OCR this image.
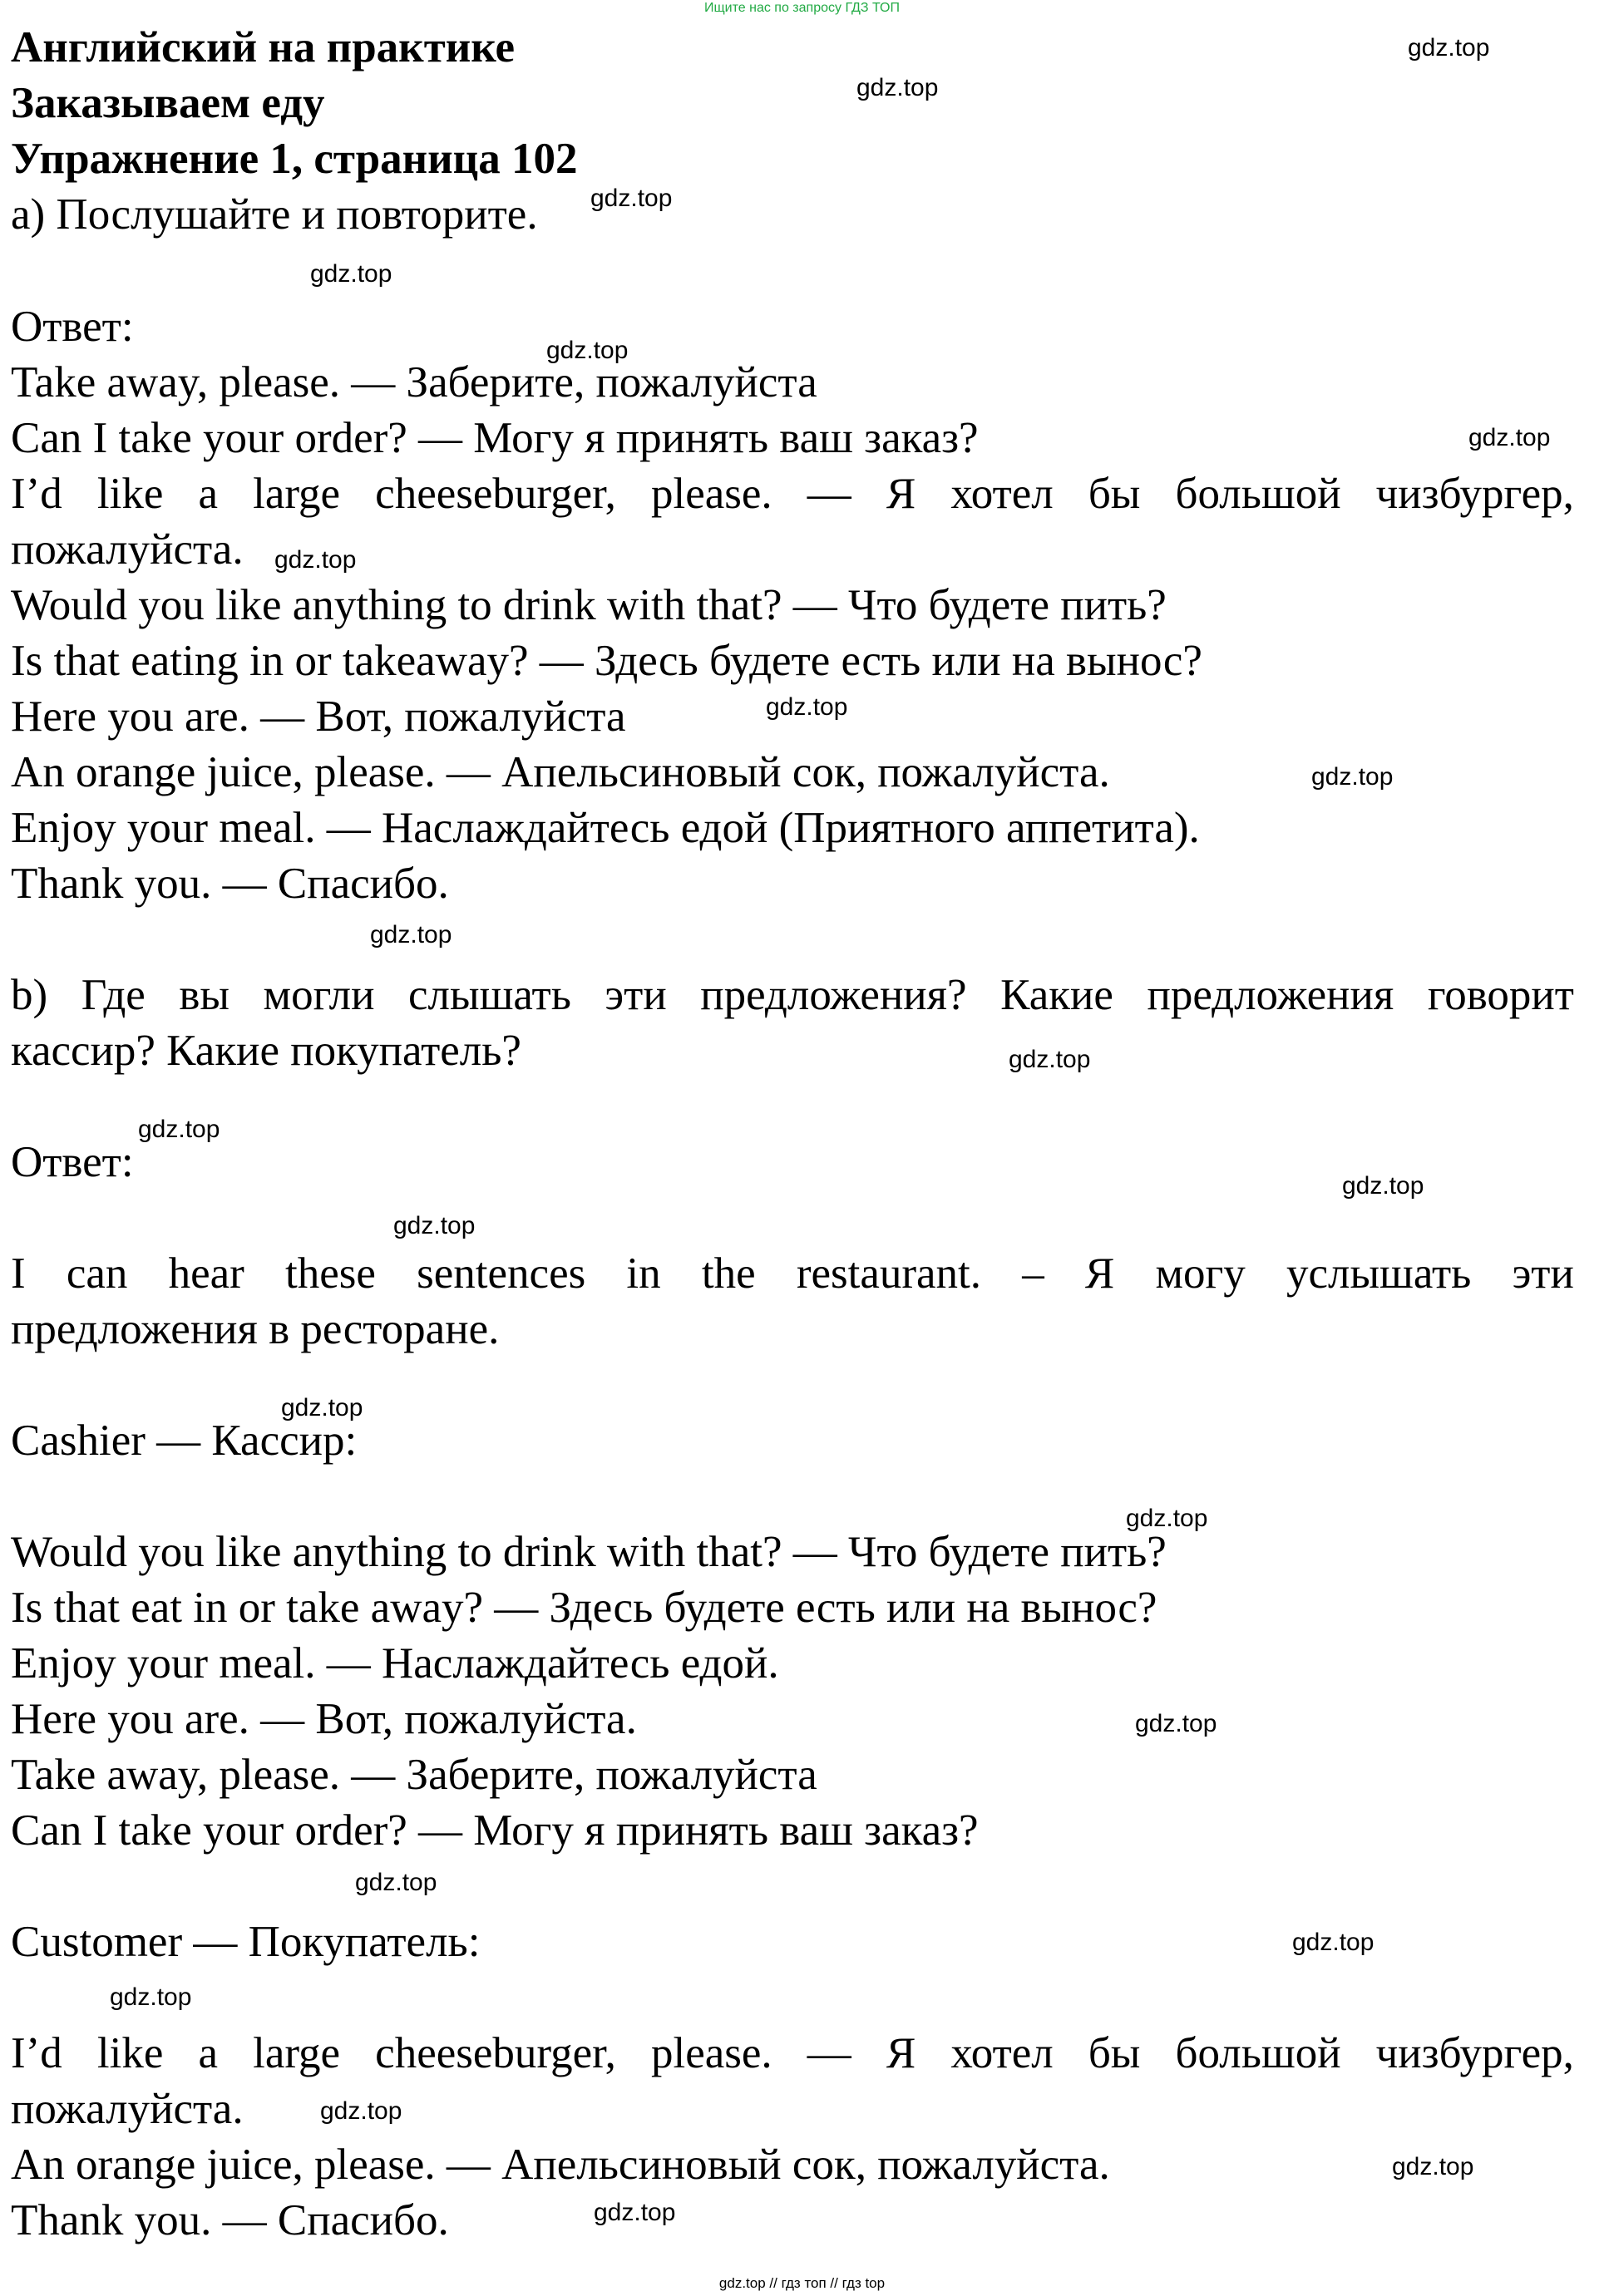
Ищите нас по запросу ГДЗ ТОП
Английский на практике
Заказываем еду
Упражнение 1, страница 102
a) Послушайте и повторите.
Ответ:
Take away, please. — Заберите, пожалуйста
Can I take your order? — Могу я принять ваш заказ?
I’d like a large cheeseburger, please. — Я хотел бы большой чизбургер,
пожалуйста.
Would you like anything to drink with that? — Что будете пить?
Is that eating in or takeaway? — Здесь будете есть или на вынос?
Here you are. — Вот, пожалуйста
An orange juice, please. — Апельсиновый сок, пожалуйста.
Enjoy your meal. — Наслаждайтесь едой (Приятного аппетита).
Thank you. — Спасибо.
b) Где вы могли слышать эти предложения? Какие предложения говорит
кассир? Какие покупатель?
Ответ:
I can hear these sentences in the restaurant. – Я могу услышать эти
предложения в ресторане.
Cashier — Кассир:
Would you like anything to drink with that? — Что будете пить?
Is that eat in or take away? — Здесь будете есть или на вынос?
Enjoy your meal. — Наслаждайтесь едой.
Here you are. — Вот, пожалуйста.
Take away, please. — Заберите, пожалуйста
Can I take your order? — Могу я принять ваш заказ?
Customer — Покупатель:
I’d like a large cheeseburger, please. — Я хотел бы большой чизбургер,
пожалуйста.
An orange juice, please. — Апельсиновый сок, пожалуйста.
Thank you. — Спасибо.
gdz.top
gdz.top
gdz.top
gdz.top
gdz.top
gdz.top
gdz.top
gdz.top
gdz.top
gdz.top
gdz.top
gdz.top
gdz.top
gdz.top
gdz.top
gdz.top
gdz.top
gdz.top
gdz.top
gdz.top
gdz.top
gdz.top
gdz.top
gdz.top // гдз топ // гдз top
